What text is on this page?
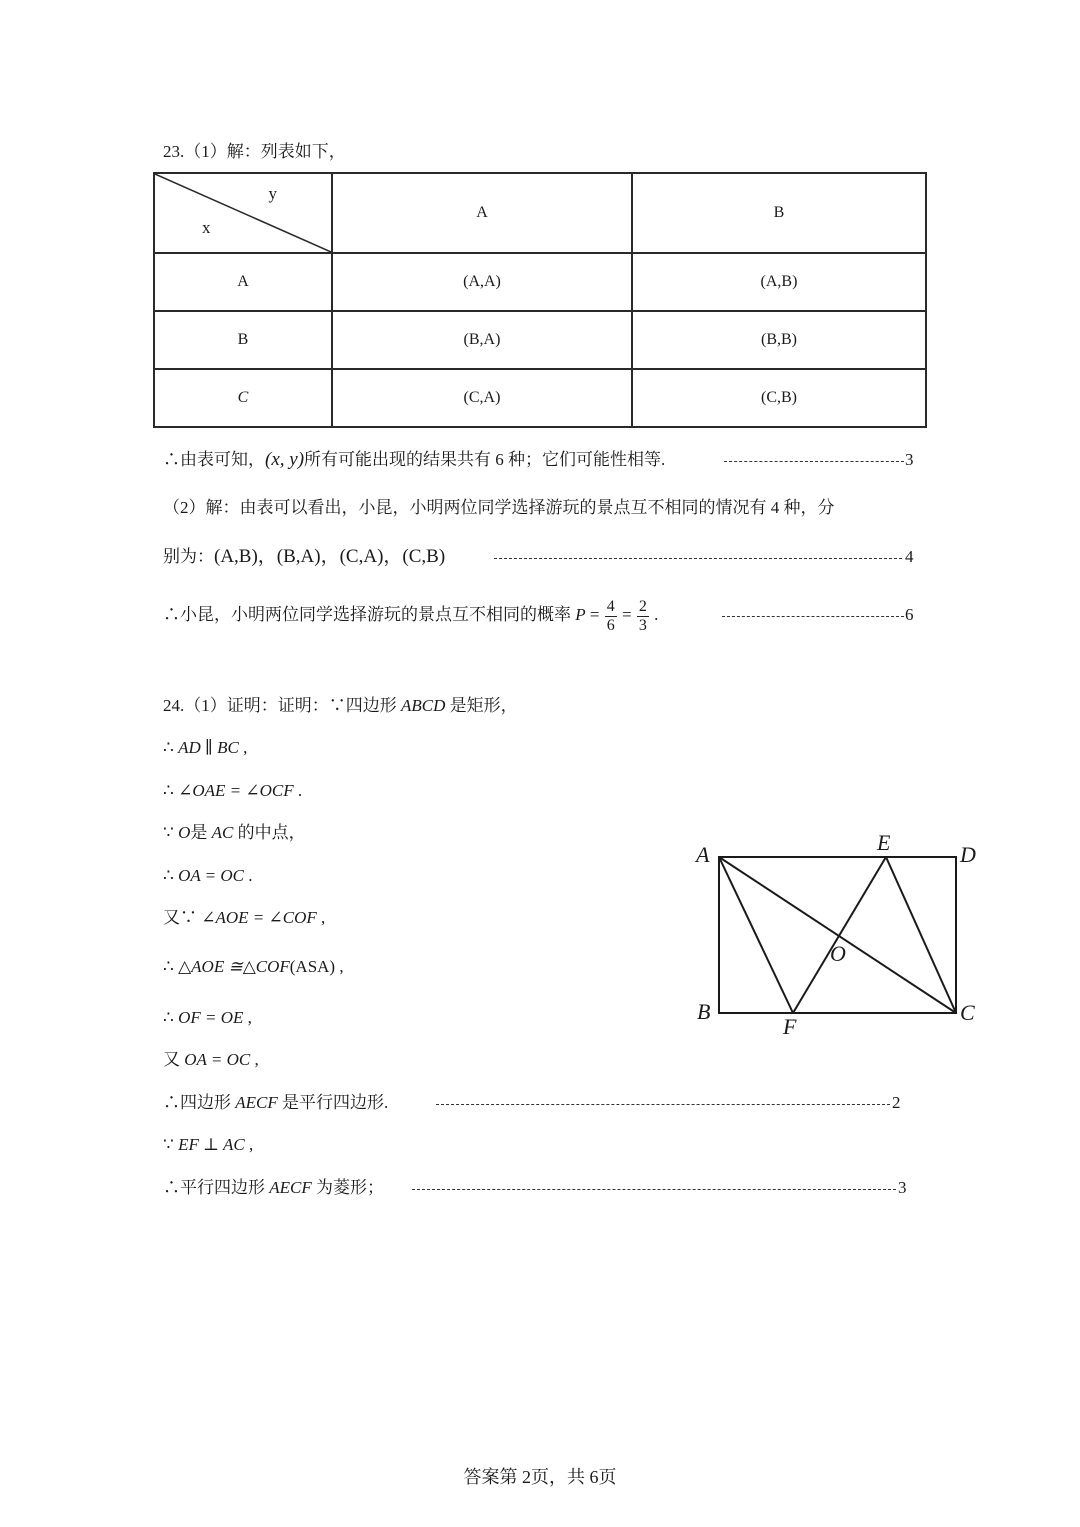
23.（1）解：列表如下，
y
x	A	B
A	(A,A)	(A,B)
B	(B,A)	(B,B)
C	(C,A)	(C,B)
∴由表可知，(x, y)所有可能出现的结果共有 6 种；它们可能性相等.	3
（2）解：由表可以看出，小昆，小明两位同学选择游玩的景点互不相同的情况有 4 种，分
别为：(A,B)，(B,A)，(C,A)，(C,B)	4
∴小昆，小明两位同学选择游玩的景点互不相同的概率 $P = \frac{4}{6} = \frac{2}{3}$ .	6
24.（1）证明：证明：∵四边形 ABCD 是矩形，
∴ AD ∥ BC ,
∴ ∠OAE = ∠OCF .
∵ O是 AC 的中点，
∴ OA = OC .
又∵ ∠AOE = ∠COF ,
∴ △AOE ≅△COF(ASA) ,
∴ OF = OE ,
又 OA = OC ,
∴四边形 AECF 是平行四边形.	2
∵ EF ⊥ AC ,
∴平行四边形 AECF 为菱形；	3
A	E	D
O
B
F
C
答案第 2页，共 6页
